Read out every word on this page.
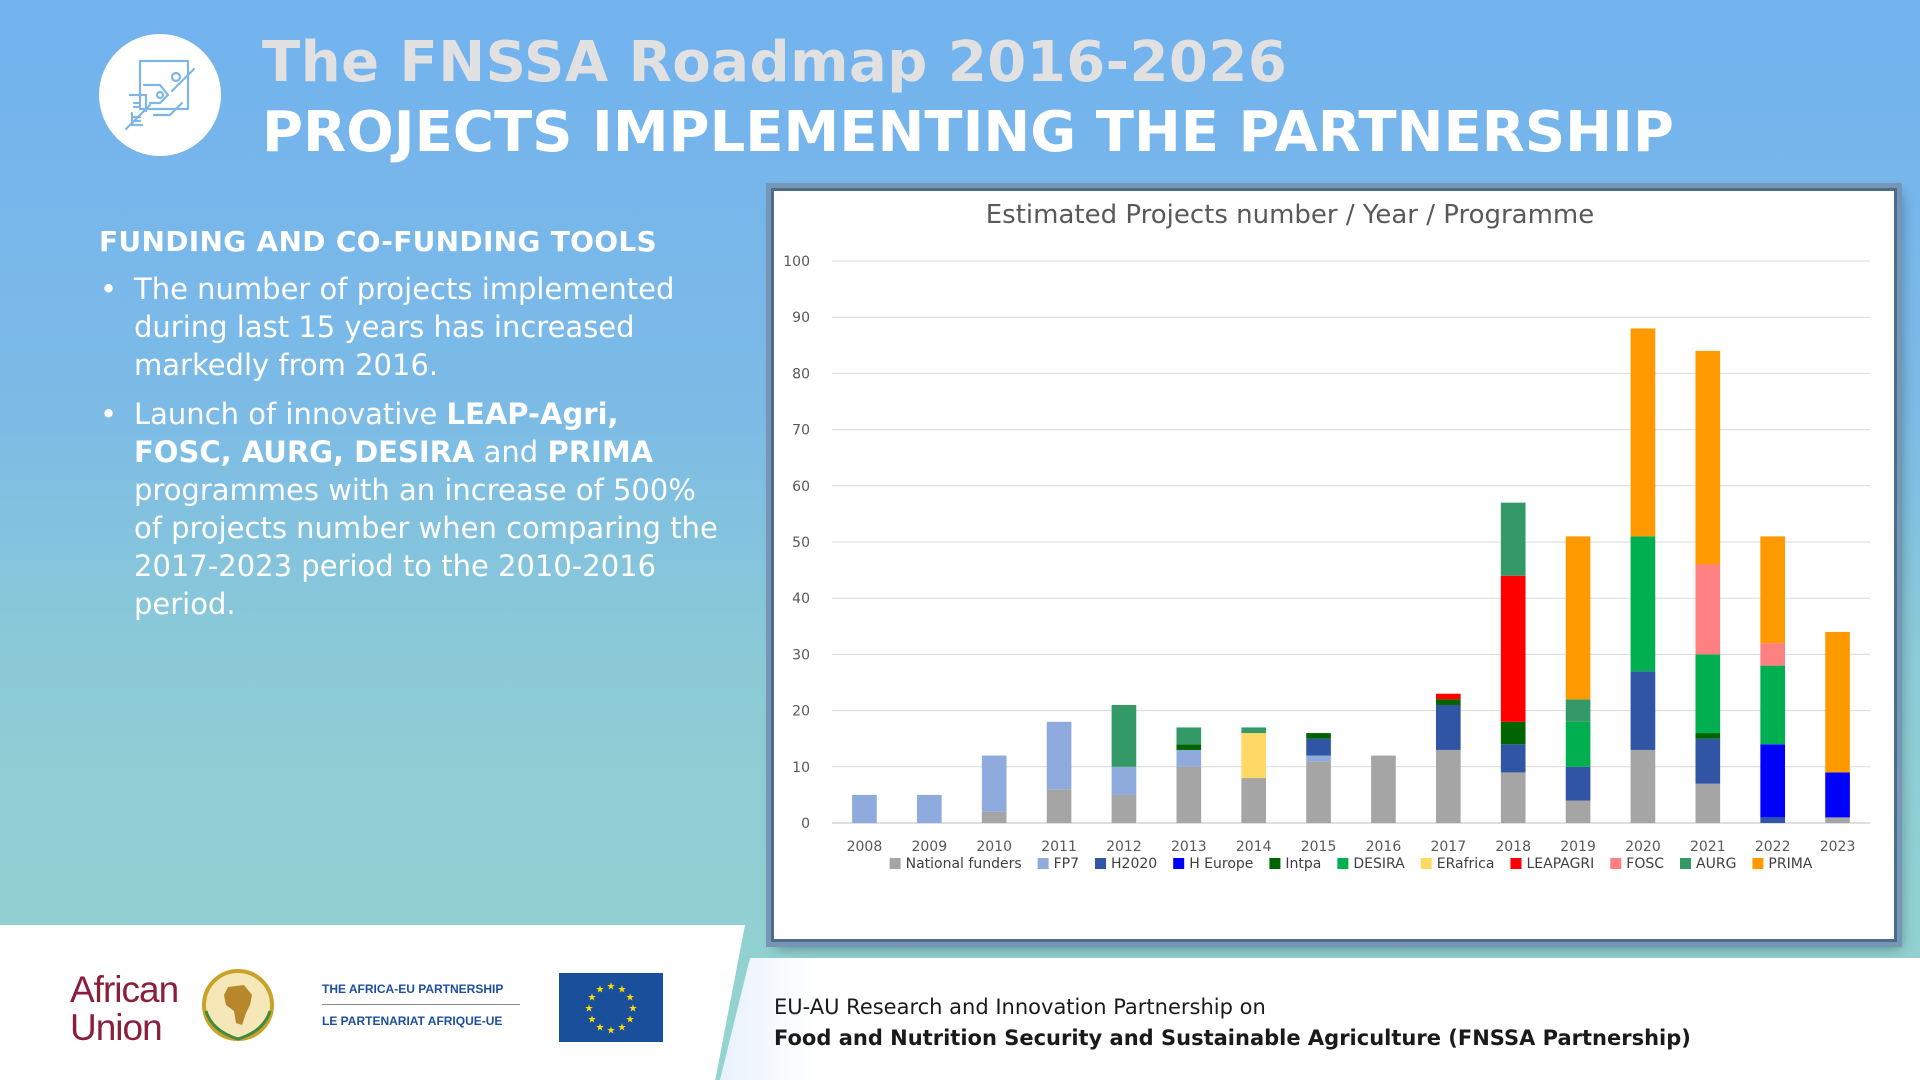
The FNSSA Roadmap 2016-2026
PROJECTS IMPLEMENTING THE PARTNERSHIP
FUNDING AND CO-FUNDING TOOLS
• The number of projects implemented during last 15 years has increased markedly from 2016.
• Launch of innovative LEAP-Agri, FOSC, AURG, DESIRA and PRIMA programmes with an increase of 500% of projects number when comparing the 2017-2023 period to the 2010-2016 period.
Estimated Projects number / Year / Programme
0
10
20
30
40
50
60
70
80
90
100
2008 2009 2010 2011 2012 2013 2014 2015 2016 2017 2018 2019 2020 2021 2022 2023
National funders FP7 H2020 H Europe Intpa DESIRA ERafrica LEAPAGRI FOSC AURG PRIMA
African
Union
THE AFRICA-EU PARTNERSHIP
LE PARTENARIAT AFRIQUE-UE
★
★
★
★
★
★
★
★
★ ★ ★
★	EU-AU Research and Innovation Partnership on
Food and Nutrition Security and Sustainable Agriculture (FNSSA Partnership)
